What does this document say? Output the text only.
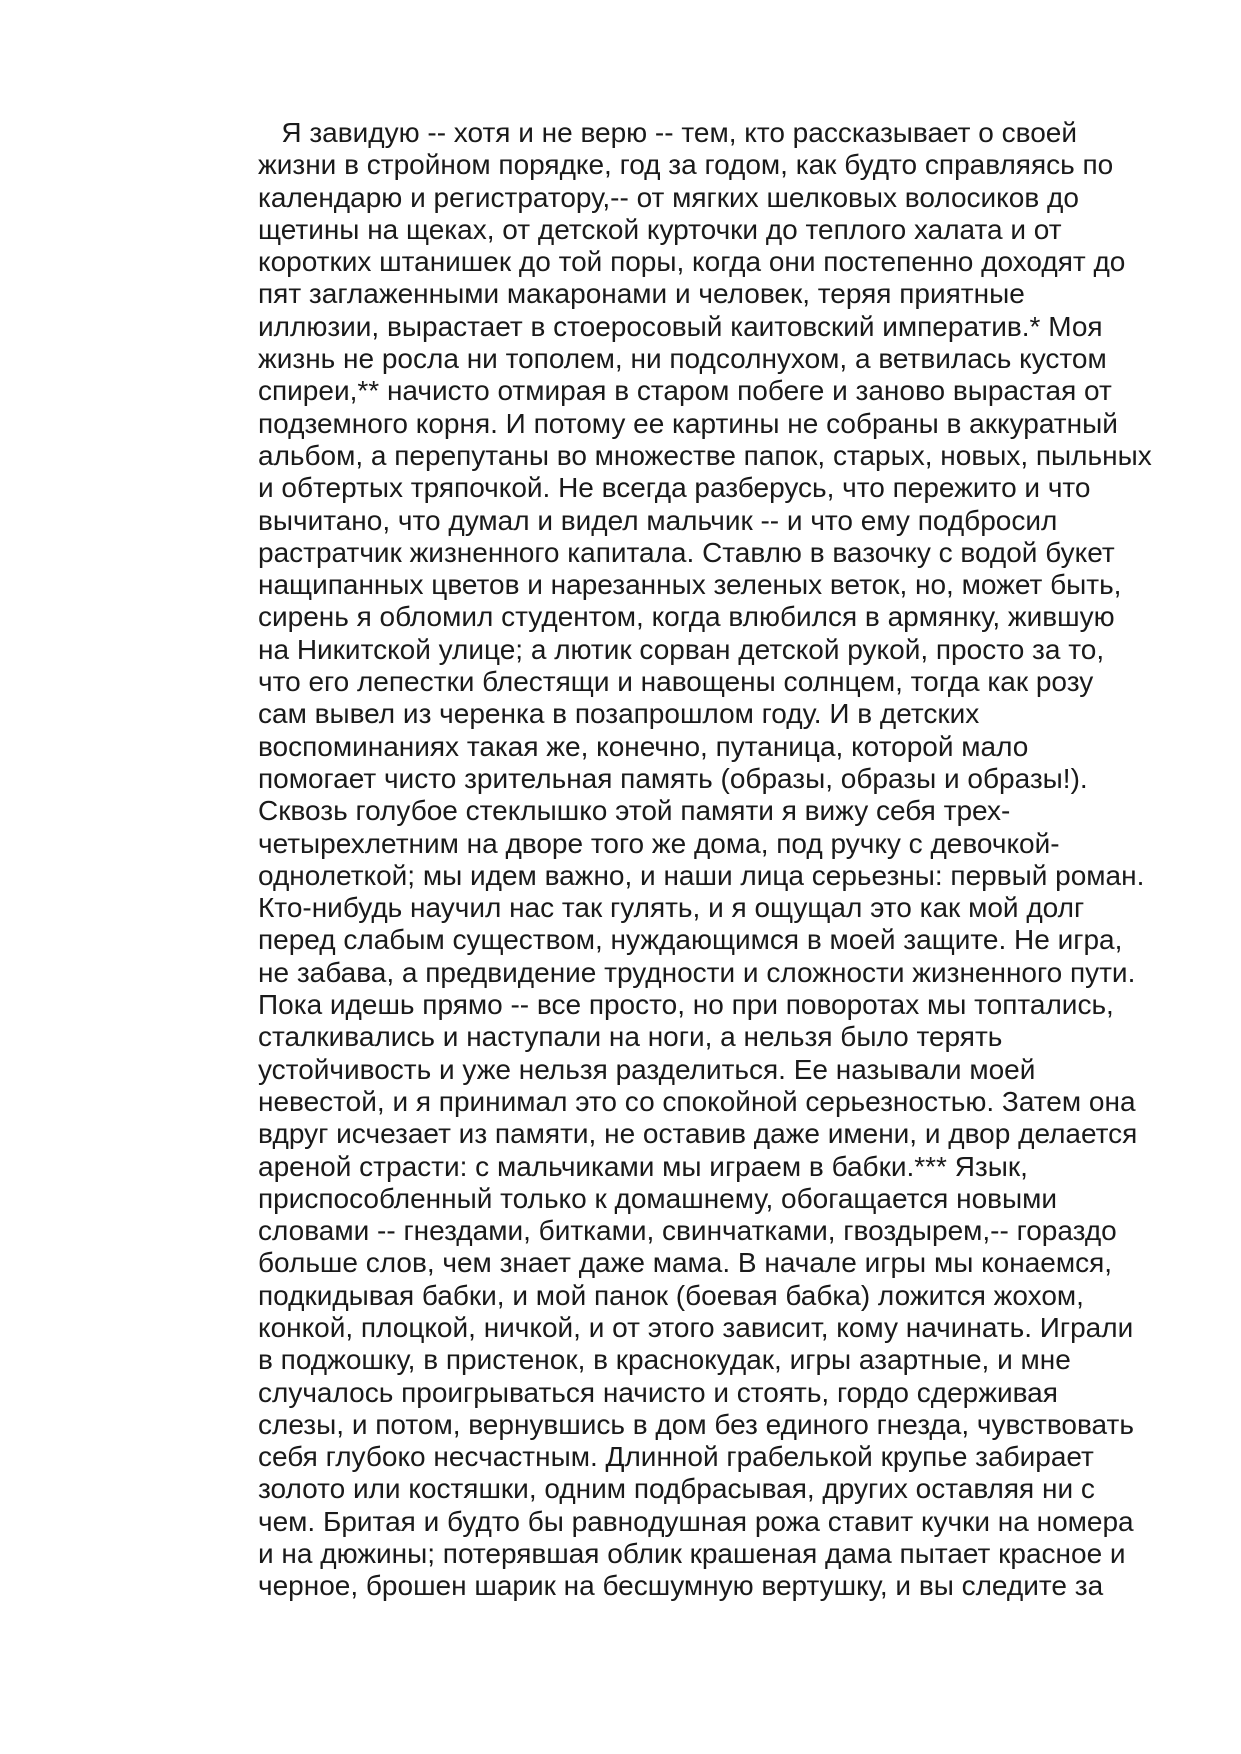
Я завидую -- хотя и не верю -- тем, кто рассказывает о своей
жизни в стройном порядке, год за годом, как будто справляясь по
календарю и регистратору,-- от мягких шелковых волосиков до
щетины на щеках, от детской курточки до теплого халата и от
коротких штанишек до той поры, когда они постепенно доходят до
пят заглаженными макаронами и человек, теряя приятные
иллюзии, вырастает в стоеросовый каитовский императив.* Моя
жизнь не росла ни тополем, ни подсолнухом, а ветвилась кустом
спиреи,** начисто отмирая в старом побеге и заново вырастая от
подземного корня. И потому ее картины не собраны в аккуратный
альбом, а перепутаны во множестве папок, старых, новых, пыльных
и обтертых тряпочкой. Не всегда разберусь, что пережито и что
вычитано, что думал и видел мальчик -- и что ему подбросил
растратчик жизненного капитала. Ставлю в вазочку с водой букет
нащипанных цветов и нарезанных зеленых веток, но, может быть,
сирень я обломил студентом, когда влюбился в армянку, жившую
на Никитской улице; а лютик сорван детской рукой, просто за то,
что его лепестки блестящи и навощены солнцем, тогда как розу
сам вывел из черенка в позапрошлом году. И в детских
воспоминаниях такая же, конечно, путаница, которой мало
помогает чисто зрительная память (образы, образы и образы!).
Сквозь голубое стеклышко этой памяти я вижу себя трех-
четырехлетним на дворе того же дома, под ручку с девочкой-
однолеткой; мы идем важно, и наши лица серьезны: первый роман.
Кто-нибудь научил нас так гулять, и я ощущал это как мой долг
перед слабым существом, нуждающимся в моей защите. Не игра,
не забава, а предвидение трудности и сложности жизненного пути.
Пока идешь прямо -- все просто, но при поворотах мы топтались,
сталкивались и наступали на ноги, а нельзя было терять
устойчивость и уже нельзя разделиться. Ее называли моей
невестой, и я принимал это со спокойной серьезностью. Затем она
вдруг исчезает из памяти, не оставив даже имени, и двор делается
ареной страсти: с мальчиками мы играем в бабки.*** Язык,
приспособленный только к домашнему, обогащается новыми
словами -- гнездами, битками, свинчатками, гвоздырем,-- гораздо
больше слов, чем знает даже мама. В начале игры мы конаемся,
подкидывая бабки, и мой панок (боевая бабка) ложится жохом,
конкой, плоцкой, ничкой, и от этого зависит, кому начинать. Играли
в поджошку, в пристенок, в краснокудак, игры азартные, и мне
случалось проигрываться начисто и стоять, гордо сдерживая
слезы, и потом, вернувшись в дом без единого гнезда, чувствовать
себя глубоко несчастным. Длинной грабелькой крупье забирает
золото или костяшки, одним подбрасывая, других оставляя ни с
чем. Бритая и будто бы равнодушная рожа ставит кучки на номера
и на дюжины; потерявшая облик крашеная дама пытает красное и
черное, брошен шарик на бесшумную вертушку, и вы следите за
